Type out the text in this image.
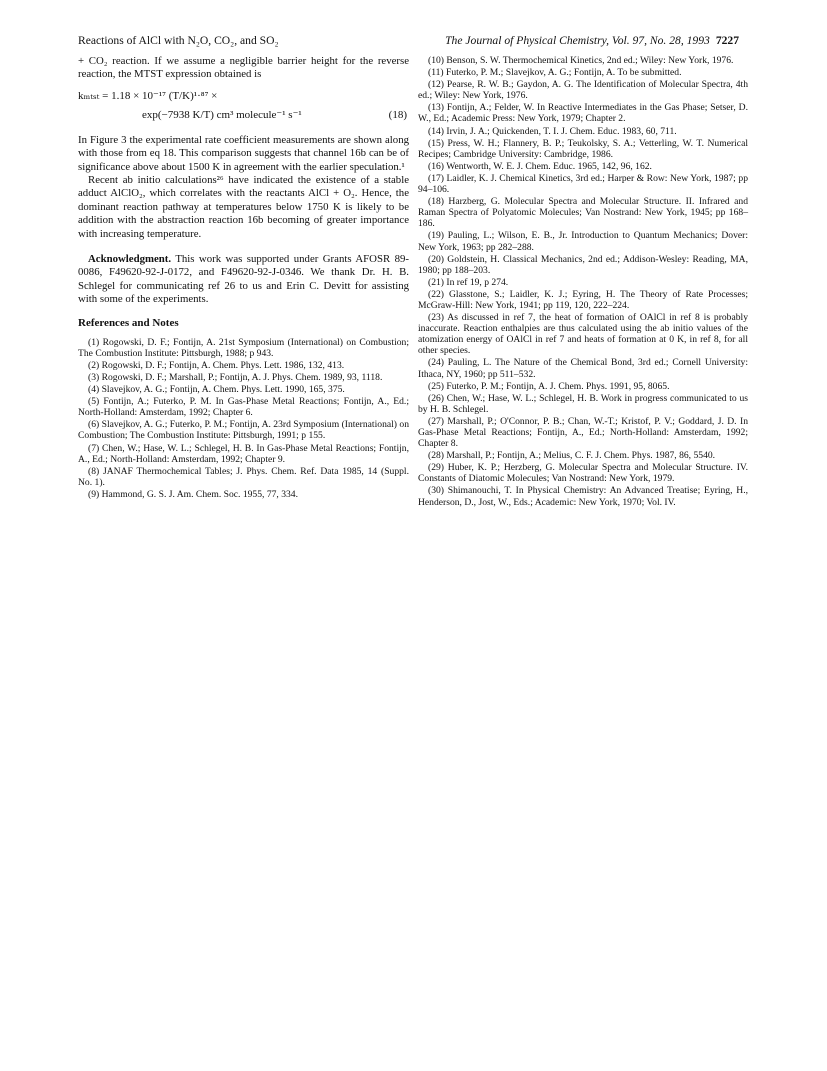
Reactions of AlCl with N₂O, CO₂, and SO₂	The Journal of Physical Chemistry, Vol. 97, No. 28, 1993 7227

+ CO₂ reaction. If we assume a negligible barrier height for the reverse reaction, the MTST expression obtained is

kₘₜₛₜ = 1.18 × 10⁻¹⁷ (T/K)¹·⁸⁷ ×
exp(−7938 K/T) cm³ molecule⁻¹ s⁻¹	(18)

In Figure 3 the experimental rate coefficient measurements are shown along with those from eq 18. This comparison suggests that channel 16b can be of significance above about 1500 K in agreement with the earlier speculation.¹

Recent ab initio calculations²⁶ have indicated the existence of a stable adduct AlClO₂, which correlates with the reactants AlCl + O₂. Hence, the dominant reaction pathway at temperatures below 1750 K is likely to be addition with the abstraction reaction 16b becoming of greater importance with increasing temperature.

Acknowledgment. This work was supported under Grants AFOSR 89-0086, F49620-92-J-0172, and F49620-92-J-0346. We thank Dr. H. B. Schlegel for communicating ref 26 to us and Erin C. Devitt for assisting with some of the experiments.

References and Notes

(1) Rogowski, D. F.; Fontijn, A. 21st Symposium (International) on Combustion; The Combustion Institute: Pittsburgh, 1988; p 943.

(2) Rogowski, D. F.; Fontijn, A. Chem. Phys. Lett. 1986, 132, 413.

(3) Rogowski, D. F.; Marshall, P.; Fontijn, A. J. Phys. Chem. 1989, 93, 1118.

(4) Slavejkov, A. G.; Fontijn, A. Chem. Phys. Lett. 1990, 165, 375.

(5) Fontijn, A.; Futerko, P. M. In Gas-Phase Metal Reactions; Fontijn, A., Ed.; North-Holland: Amsterdam, 1992; Chapter 6.

(6) Slavejkov, A. G.; Futerko, P. M.; Fontijn, A. 23rd Symposium (International) on Combustion; The Combustion Institute: Pittsburgh, 1991; p 155.

(7) Chen, W.; Hase, W. L.; Schlegel, H. B. In Gas-Phase Metal Reactions; Fontijn, A., Ed.; North-Holland: Amsterdam, 1992; Chapter 9.

(8) JANAF Thermochemical Tables; J. Phys. Chem. Ref. Data 1985, 14 (Suppl. No. 1).

(9) Hammond, G. S. J. Am. Chem. Soc. 1955, 77, 334.

(10) Benson, S. W. Thermochemical Kinetics, 2nd ed.; Wiley: New York, 1976.

(11) Futerko, P. M.; Slavejkov, A. G.; Fontijn, A. To be submitted.

(12) Pearse, R. W. B.; Gaydon, A. G. The Identification of Molecular Spectra, 4th ed.; Wiley: New York, 1976.

(13) Fontijn, A.; Felder, W. In Reactive Intermediates in the Gas Phase; Setser, D. W., Ed.; Academic Press: New York, 1979; Chapter 2.

(14) Irvin, J. A.; Quickenden, T. I. J. Chem. Educ. 1983, 60, 711.

(15) Press, W. H.; Flannery, B. P.; Teukolsky, S. A.; Vetterling, W. T. Numerical Recipes; Cambridge University: Cambridge, 1986.

(16) Wentworth, W. E. J. Chem. Educ. 1965, 142, 96, 162.

(17) Laidler, K. J. Chemical Kinetics, 3rd ed.; Harper & Row: New York, 1987; pp 94–106.

(18) Harzberg, G. Molecular Spectra and Molecular Structure. II. Infrared and Raman Spectra of Polyatomic Molecules; Van Nostrand: New York, 1945; pp 168–186.

(19) Pauling, L.; Wilson, E. B., Jr. Introduction to Quantum Mechanics; Dover: New York, 1963; pp 282–288.

(20) Goldstein, H. Classical Mechanics, 2nd ed.; Addison-Wesley: Reading, MA, 1980; pp 188–203.

(21) In ref 19, p 274.

(22) Glasstone, S.; Laidler, K. J.; Eyring, H. The Theory of Rate Processes; McGraw-Hill: New York, 1941; pp 119, 120, 222–224.

(23) As discussed in ref 7, the heat of formation of OAlCl in ref 8 is probably inaccurate. Reaction enthalpies are thus calculated using the ab initio values of the atomization energy of OAlCl in ref 7 and heats of formation at 0 K, in ref 8, for all other species.

(24) Pauling, L. The Nature of the Chemical Bond, 3rd ed.; Cornell University: Ithaca, NY, 1960; pp 511–532.

(25) Futerko, P. M.; Fontijn, A. J. Chem. Phys. 1991, 95, 8065.

(26) Chen, W.; Hase, W. L.; Schlegel, H. B. Work in progress communicated to us by H. B. Schlegel.

(27) Marshall, P.; O'Connor, P. B.; Chan, W.-T.; Kristof, P. V.; Goddard, J. D. In Gas-Phase Metal Reactions; Fontijn, A., Ed.; North-Holland: Amsterdam, 1992; Chapter 8.

(28) Marshall, P.; Fontijn, A.; Melius, C. F. J. Chem. Phys. 1987, 86, 5540.

(29) Huber, K. P.; Herzberg, G. Molecular Spectra and Molecular Structure. IV. Constants of Diatomic Molecules; Van Nostrand: New York, 1979.

(30) Shimanouchi, T. In Physical Chemistry: An Advanced Treatise; Eyring, H., Henderson, D., Jost, W., Eds.; Academic: New York, 1970; Vol. IV.
